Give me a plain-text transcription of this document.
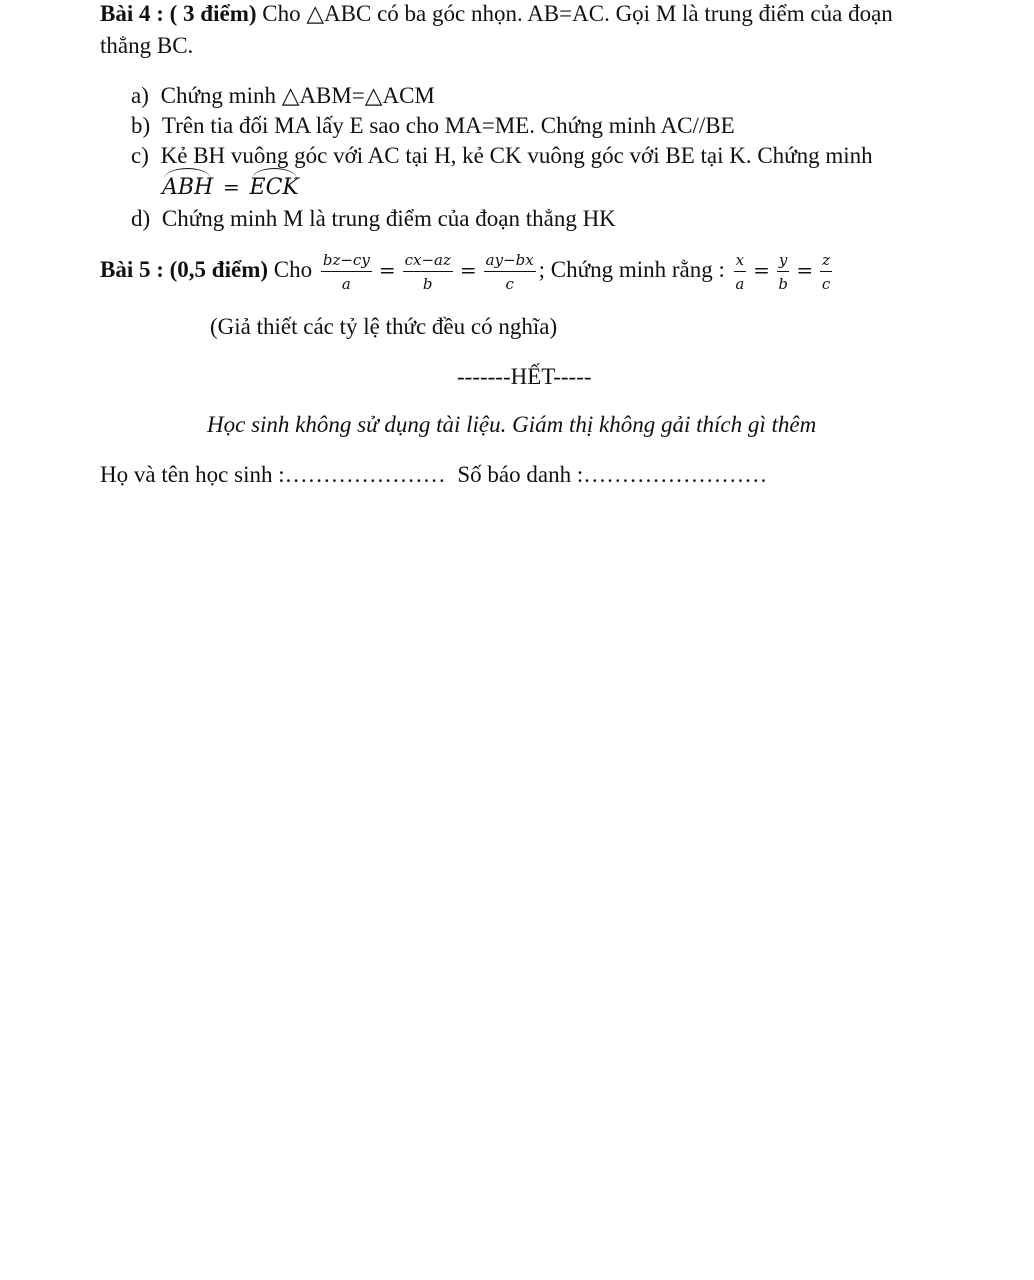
Bài 4 : ( 3 điểm) Cho △ABC có ba góc nhọn. AB=AC. Gọi M là trung điểm của đoạn
thẳng BC.
a) Chứng minh △ABM=△ACM
b) Trên tia đối MA lấy E sao cho MA=ME. Chứng minh AC//BE
c) Kẻ BH vuông góc với AC tại H, kẻ CK vuông góc với BE tại K. Chứng minh
ABH = ECK
d) Chứng minh M là trung điểm của đoạn thẳng HK
Bài 5 : (0,5 điểm) Cho $\frac{bz-cy}{a} = \frac{cx-az}{b} = \frac{ay-bx}{c}$ ; Chứng minh rằng : $\frac{x}{a} = \frac{y}{b} = \frac{z}{c}$
(Giả thiết các tỷ lệ thức đều có nghĩa)
-------HẾT-----
Học sinh không sử dụng tài liệu. Giám thị không gải thích gì thêm
Họ và tên học sinh :………………… Số báo danh :……………………
